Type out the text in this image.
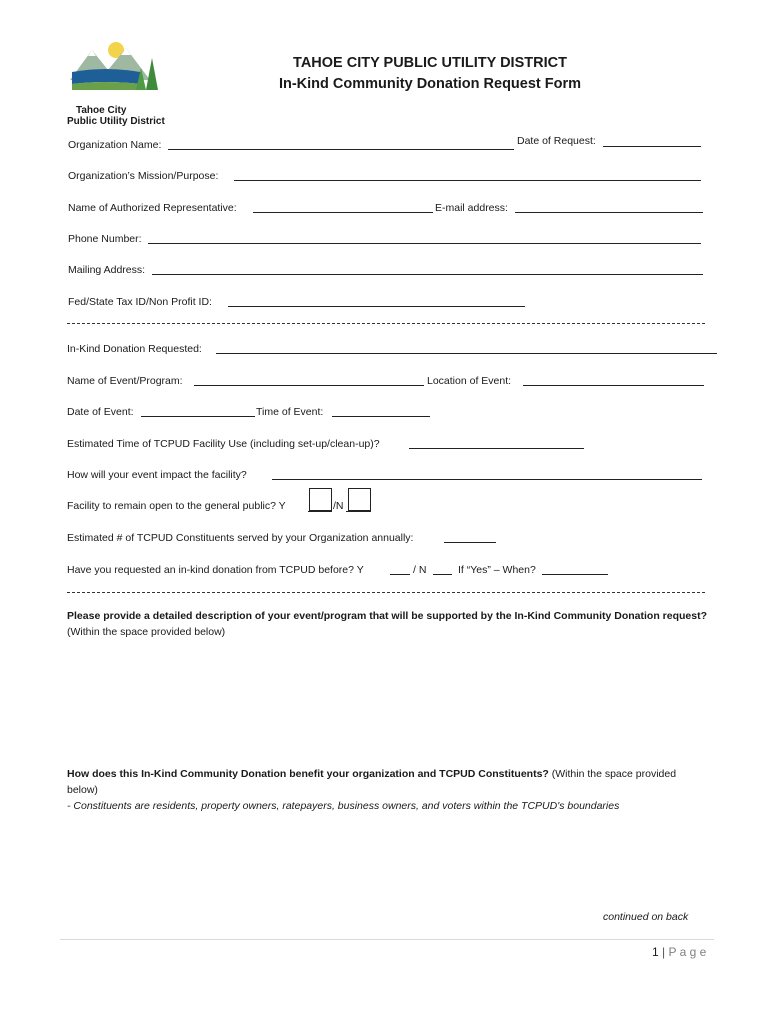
Tahoe City
Public Utility District
TAHOE CITY PUBLIC UTILITY DISTRICT
In-Kind Community Donation Request Form
Organization Name:	Date of Request:
Organization’s Mission/Purpose:
Name of Authorized Representative:	E-mail address:
Phone Number:
Mailing Address:
Fed/State Tax ID/Non Profit ID:
In-Kind Donation Requested:
Name of Event/Program:	Location of Event:
Date of Event:	Time of Event:
Estimated Time of TCPUD Facility Use (including set-up/clean-up)?
How will your event impact the facility?
Facility to remain open to the general public? Y	/N
Estimated # of TCPUD Constituents served by your Organization annually:
Have you requested an in-kind donation from TCPUD before? Y	/ N	If “Yes” – When?
Please provide a detailed description of your event/program that will be supported by the In-Kind Community Donation request? (Within the space provided below)
How does this In-Kind Community Donation benefit your organization and TCPUD Constituents? (Within the space provided below)
- Constituents are residents, property owners, ratepayers, business owners, and voters within the TCPUD's boundaries
continued on back
1 | P a g e
